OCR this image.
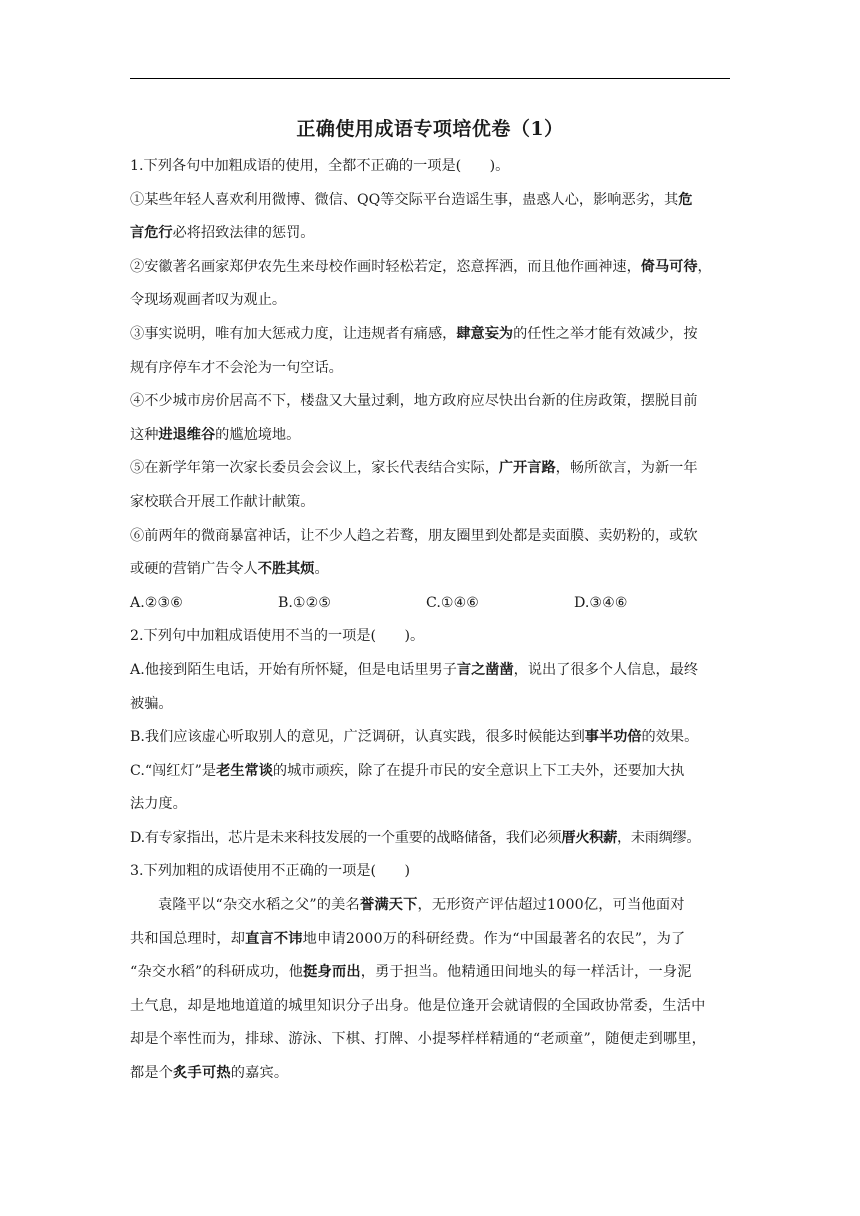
正确使用成语专项培优卷（1）
1.下列各句中加粗成语的使用，全都不正确的一项是(　　)。
①某些年轻人喜欢利用微博、微信、QQ等交际平台造谣生事，蛊惑人心，影响恶劣，其危
言危行必将招致法律的惩罚。
②安徽著名画家郑伊农先生来母校作画时轻松若定，恣意挥洒，而且他作画神速，倚马可待，
令现场观画者叹为观止。
③事实说明，唯有加大惩戒力度，让违规者有痛感，肆意妄为的任性之举才能有效减少，按
规有序停车才不会沦为一句空话。
④不少城市房价居高不下，楼盘又大量过剩，地方政府应尽快出台新的住房政策，摆脱目前
这种进退维谷的尴尬境地。
⑤在新学年第一次家长委员会会议上，家长代表结合实际，广开言路，畅所欲言，为新一年
家校联合开展工作献计献策。
⑥前两年的微商暴富神话，让不少人趋之若鹜，朋友圈里到处都是卖面膜、卖奶粉的，或软
或硬的营销广告令人不胜其烦。
A.②③⑥	B.①②⑤	C.①④⑥	D.③④⑥
2.下列句中加粗成语使用不当的一项是(　　)。
A.他接到陌生电话，开始有所怀疑，但是电话里男子言之凿凿，说出了很多个人信息，最终
被骗。
B.我们应该虚心听取别人的意见，广泛调研，认真实践，很多时候能达到事半功倍的效果。
C.“闯红灯”是老生常谈的城市顽疾，除了在提升市民的安全意识上下工夫外，还要加大执
法力度。
D.有专家指出，芯片是未来科技发展的一个重要的战略储备，我们必须厝火积薪，未雨绸缪。
3.下列加粗的成语使用不正确的一项是(　　)
袁隆平以“杂交水稻之父”的美名誉满天下，无形资产评估超过1000亿，可当他面对
共和国总理时，却直言不讳地申请2000万的科研经费。作为“中国最著名的农民”，为了
“杂交水稻”的科研成功，他挺身而出，勇于担当。他精通田间地头的每一样活计，一身泥
土气息，却是地地道道的城里知识分子出身。他是位逢开会就请假的全国政协常委，生活中
却是个率性而为，排球、游泳、下棋、打牌、小提琴样样精通的“老顽童”，随便走到哪里，
都是个炙手可热的嘉宾。
